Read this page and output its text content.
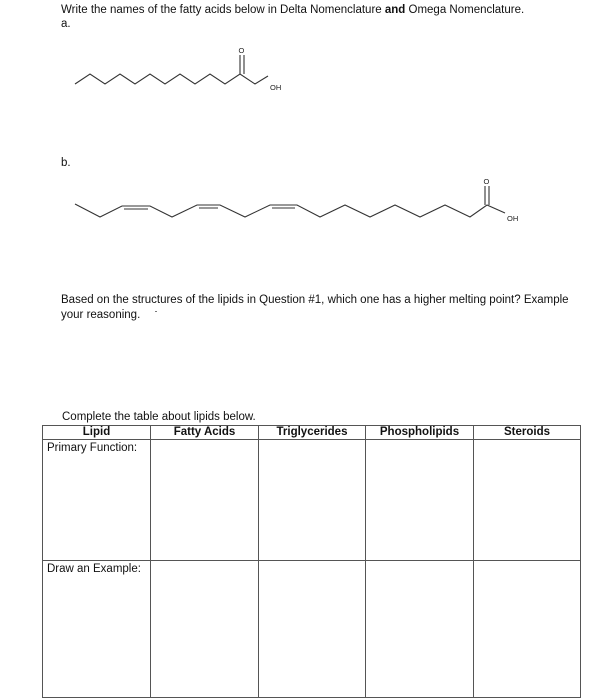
Write the names of the fatty acids below in Delta Nomenclature and Omega Nomenclature.
a.
O
OH
b.
O
OH
Based on the structures of the lipids in Question #1, which one has a higher melting point? Example
your reasoning.
Complete the table about lipids below.
Lipid	Fatty Acids	Triglycerides	Phospholipids	Steroids
Primary Function:				
Draw an Example:				
